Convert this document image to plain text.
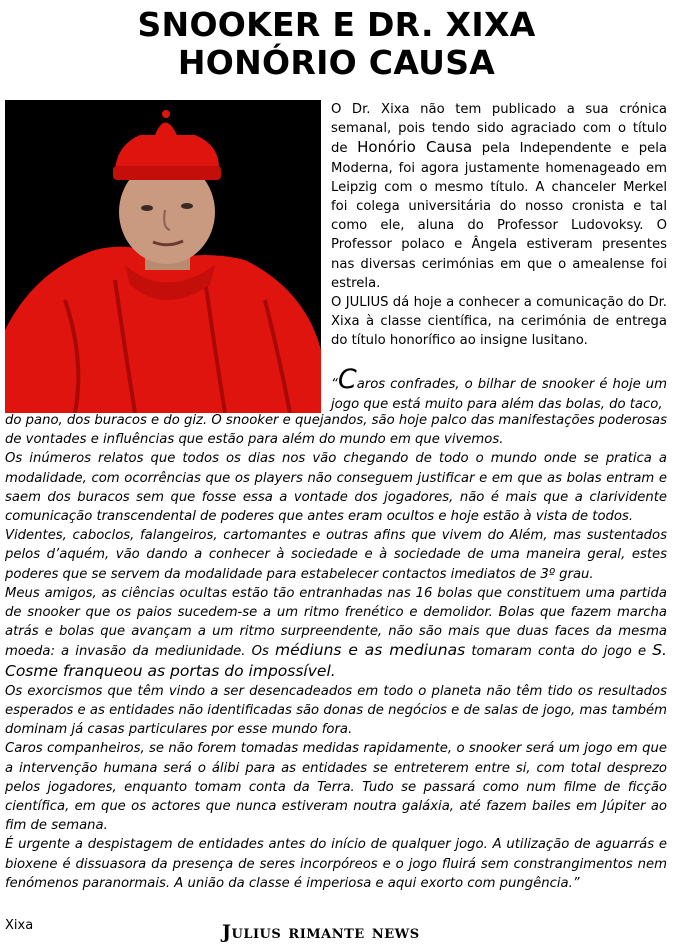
SNOOKER E DR. XIXA
HONÓRIO CAUSA

O Dr. Xixa não tem publicado a sua crónica semanal, pois tendo sido agraciado com o título de Honório Causa pela Independente e pela Moderna, foi agora justamente homenageado em Leipzig com o mesmo título. A chanceler Merkel foi colega universitária do nosso cronista e tal como ele, aluna do Professor Ludovoksy. O Professor polaco e Ângela estiveram presentes nas diversas cerimónias em que o amealense foi estrela.

O JULIUS dá hoje a conhecer a comunicação do Dr. Xixa à classe científica, na cerimónia de entrega do título honorífico ao insigne lusitano.

“Caros confrades, o bilhar de snooker é hoje um jogo que está muito para além das bolas, do taco,

do pano, dos buracos e do giz. O snooker e quejandos, são hoje palco das manifestações poderosas de vontades e influências que estão para além do mundo em que vivemos.

Os inúmeros relatos que todos os dias nos vão chegando de todo o mundo onde se pratica a modalidade, com ocorrências que os players não conseguem justificar e em que as bolas entram e saem dos buracos sem que fosse essa a vontade dos jogadores, não é mais que a clarividente comunicação transcendental de poderes que antes eram ocultos e hoje estão à vista de todos.

Videntes, caboclos, falangeiros, cartomantes e outras afins que vivem do Além, mas sustentados pelos d’aquém, vão dando a conhecer à sociedade e à sociedade de uma maneira geral, estes poderes que se servem da modalidade para estabelecer contactos imediatos de 3º grau.

Meus amigos, as ciências ocultas estão tão entranhadas nas 16 bolas que constituem uma partida de snooker que os paios sucedem-se a um ritmo frenético e demolidor. Bolas que fazem marcha atrás e bolas que avançam a um ritmo surpreendente, não são mais que duas faces da mesma moeda: a invasão da mediunidade. Os médiuns e as mediunas tomaram conta do jogo e S. Cosme franqueou as portas do impossível.

Os exorcismos que têm vindo a ser desencadeados em todo o planeta não têm tido os resultados esperados e as entidades não identificadas são donas de negócios e de salas de jogo, mas também dominam já casas particulares por esse mundo fora.

Caros companheiros, se não forem tomadas medidas rapidamente, o snooker será um jogo em que a intervenção humana será o álibi para as entidades se entreterem entre si, com total desprezo pelos jogadores, enquanto tomam conta da Terra. Tudo se passará como num filme de ficção científica, em que os actores que nunca estiveram noutra galáxia, até fazem bailes em Júpiter ao fim de semana.

É urgente a despistagem de entidades antes do início de qualquer jogo. A utilização de aguarrás e bioxene é dissuasora da presença de seres incorpóreos e o jogo fluirá sem constrangimentos nem fenómenos paranormais. A união da classe é imperiosa e aqui exorto com pungência.”

Xixa	Julius rimante news
